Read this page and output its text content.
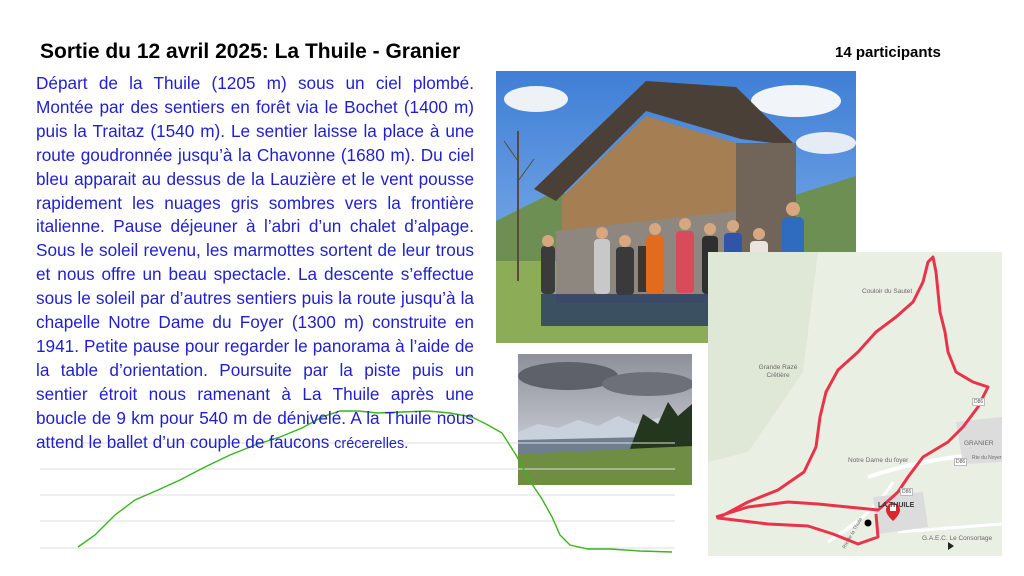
Sortie du 12 avril 2025: La Thuile - Granier	14 participants

Départ de la Thuile (1205 m) sous un ciel plombé. Montée par des sentiers en forêt via le Bochet (1400 m) puis la Traitaz (1540 m). Le sentier laisse la place à une route goudronnée jusqu’à la Chavonne (1680 m). Du ciel bleu apparait au dessus de la Lauzière et le vent pousse rapidement les nuages gris sombres vers la frontière italienne. Pause déjeuner à l’abri d’un chalet d’alpage. Sous le soleil revenu, les marmottes sortent de leur trous et nous offre un beau spectacle. La descente s’effectue sous le soleil par d’autres sentiers puis la route jusqu’à la chapelle Notre Dame du Foyer (1300 m) construite en 1941. Petite pause pour regarder le panorama à l’aide de la table d’orientation. Poursuite par la piste puis un sentier étroit nous ramenant à La Thuile après une boucle de 9 km pour 540 m de dénivelé. A la Thuile nous attend le ballet d’un couple de faucons crécerelles.

Couloir du Sautet
Grande Razé Crêtière
Notre Dame du foyer
GRANIER
LA THUILE
G.A.E.C. Le Consortage
D86
D86
D86
Rte du Noyer
Rte de la Thuile
